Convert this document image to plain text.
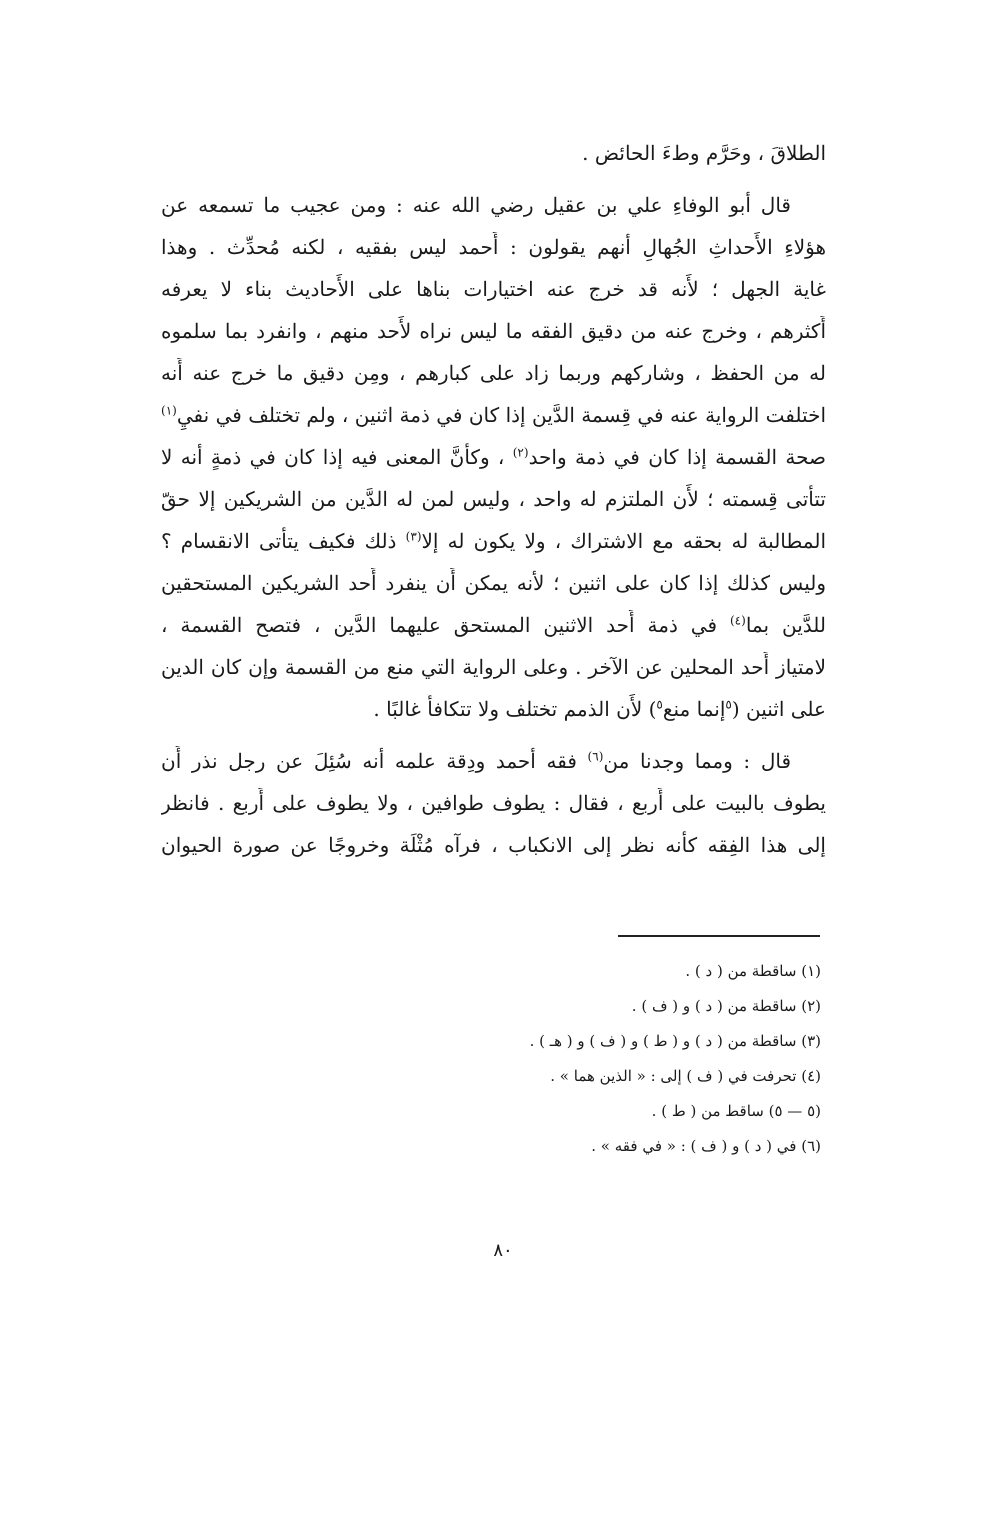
الطلاقَ ، وحَرَّم وطءَ الحائض .
قال أبو الوفاءِ علي بن عقيل رضي الله عنه : ومن عجيب ما تسمعه عن
هؤلاءِ الأَحداثِ الجُهالِ أنهم يقولون : أَحمد ليس بفقيه ، لكنه مُحدِّث . وهذا
غاية الجهل ؛ لأَنه قد خرج عنه اختيارات بناها على الأَحاديث بناء لا يعرفه
أَكثرهم ، وخرج عنه من دقيق الفقه ما ليس نراه لأَحد منهم ، وانفرد بما سلموه
له من الحفظ ، وشاركهم وربما زاد على كبارهم ، ومِن دقيق ما خرج عنه أَنه
اختلفت الرواية عنه في قِسمة الدَّين إذا كان في ذمة اثنين ، ولم تختلف في نفيِ$^{(١)}$
صحة القسمة إذا كان في ذمة واحد$^{(٢)}$ ، وكأَنَّ المعنى فيه إذا كان في ذمةٍ أنه لا
تتأَتى قِسمته ؛ لأَن الملتزم له واحد ، وليس لمن له الدَّين من الشريكين إلا حقّ
المطالبة له بحقه مع الاشتراك ، ولا يكون له إلا$^{(٣)}$ ذلك فكيف يتأَتى الانقسام ؟
وليس كذلك إذا كان على اثنين ؛ لأنه يمكن أَن ينفرد أَحد الشريكين المستحقين
للدَّين بما$^{(٤)}$ في ذمة أَحد الاثنين المستحق عليهما الدَّين ، فتصح القسمة ،
لامتياز أَحد المحلين عن الآخر . وعلى الرواية التي منع من القسمة وإن كان الدين
على اثنين ($^٥$إنما منع$^٥$) لأَن الذمم تختلف ولا تتكافأُ غالبًا .
قال : ومما وجدنا من$^{(٦)}$ فقه أحمد ودِقة علمه أنه سُئِلَ عن رجل نذر أَن
يطوف بالبيت على أَربع ، فقال : يطوف طوافين ، ولا يطوف على أَربع . فانظر
إلى هذا الفِقه كأَنه نظر إلى الانكباب ، فرآه مُثْلَة وخروجًا عن صورة الحيوان
(١) ساقطة من ( د ) .
(٢) ساقطة من ( د ) و ( ف ) .
(٣) ساقطة من ( د ) و ( ط ) و ( ف ) و ( هـ ) .
(٤) تحرفت في ( ف ) إلى : « الذين هما » .
(٥ — ٥) ساقط من ( ط ) .
(٦) في ( د ) و ( ف ) : « في فقه » .
٨٠
